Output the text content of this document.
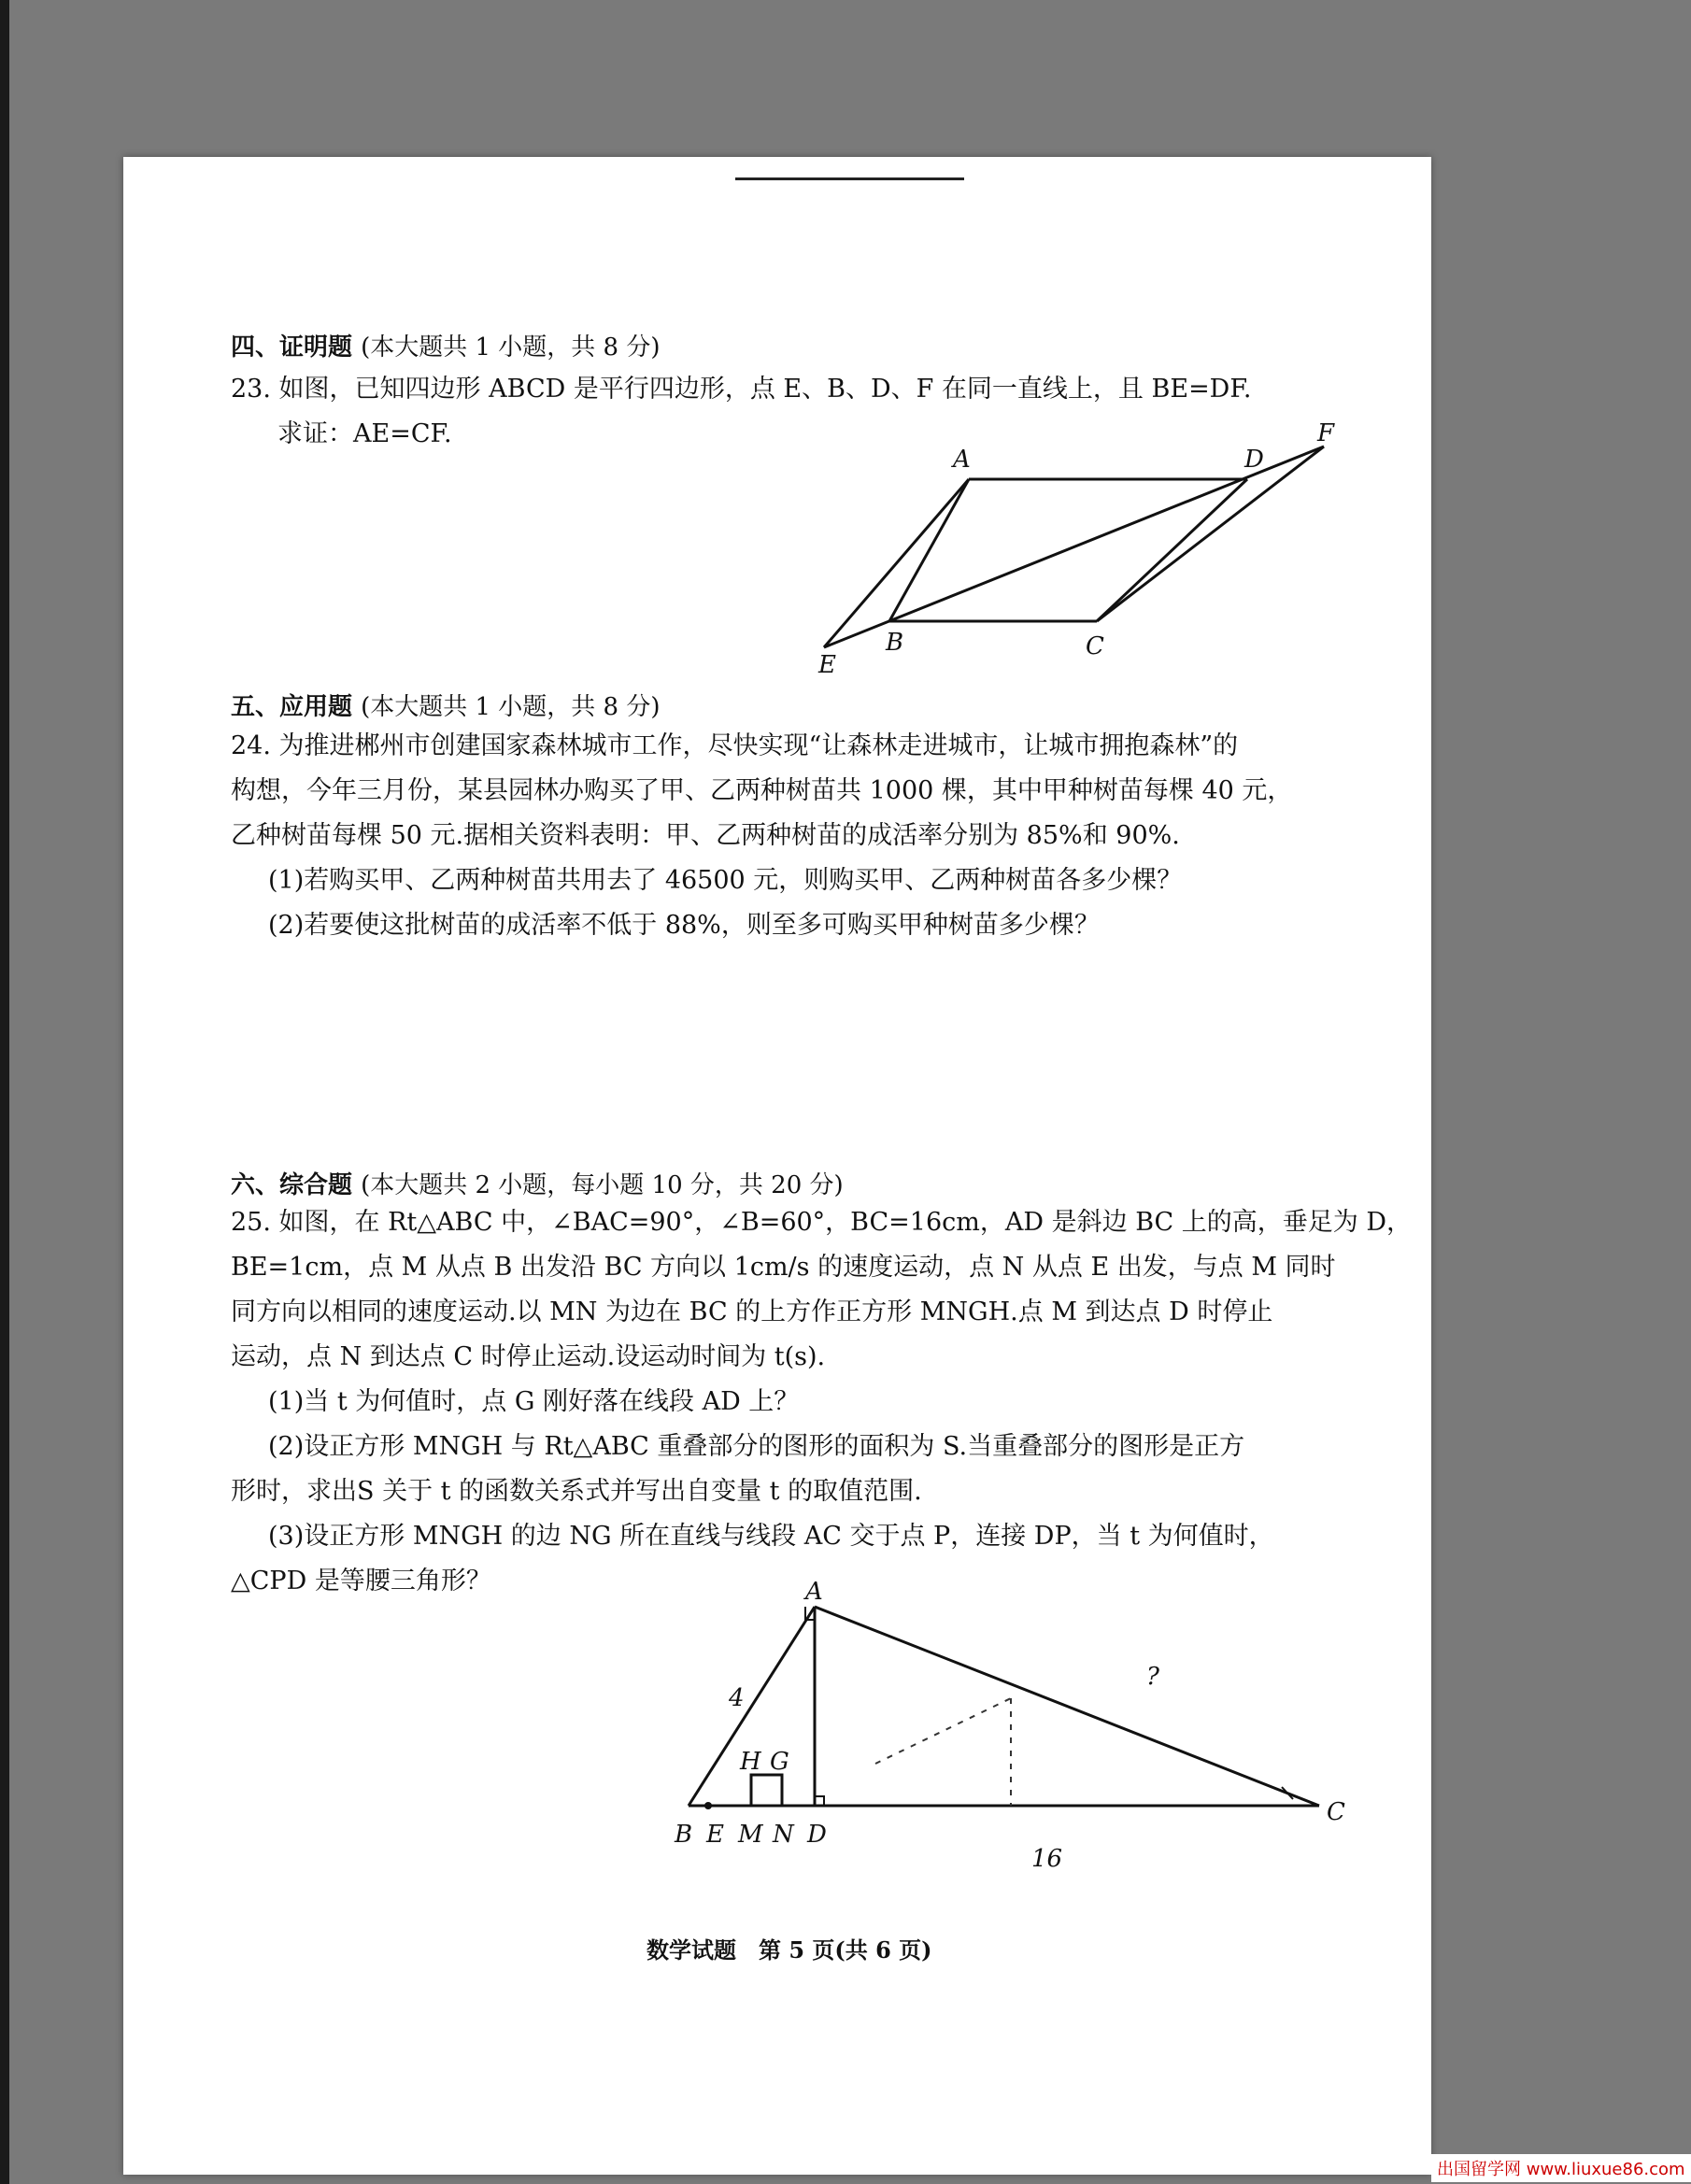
四、证明题 (本大题共 1 小题，共 8 分)
23. 如图，已知四边形 ABCD 是平行四边形，点 E、B、D、F 在同一直线上，且 BE=DF.
求证：AE=CF.
A
B	C
D
E
F
五、应用题 (本大题共 1 小题，共 8 分)
24. 为推进郴州市创建国家森林城市工作，尽快实现“让森林走进城市，让城市拥抱森林”的
构想，今年三月份，某县园林办购买了甲、乙两种树苗共 1000 棵，其中甲种树苗每棵 40 元，
乙种树苗每棵 50 元.据相关资料表明：甲、乙两种树苗的成活率分别为 85%和 90%.
(1)若购买甲、乙两种树苗共用去了 46500 元，则购买甲、乙两种树苗各多少棵？
(2)若要使这批树苗的成活率不低于 88%，则至多可购买甲种树苗多少棵？
六、综合题 (本大题共 2 小题，每小题 10 分，共 20 分)
25. 如图，在 Rt△ABC 中，∠BAC=90°，∠B=60°，BC=16cm，AD 是斜边 BC 上的高，垂足为 D，
BE=1cm，点 M 从点 B 出发沿 BC 方向以 1cm/s 的速度运动，点 N 从点 E 出发，与点 M 同时
同方向以相同的速度运动.以 MN 为边在 BC 的上方作正方形 MNGH.点 M 到达点 D 时停止
运动，点 N 到达点 C 时停止运动.设运动时间为 t(s).
(1)当 t 为何值时，点 G 刚好落在线段 AD 上？
(2)设正方形 MNGH 与 Rt△ABC 重叠部分的图形的面积为 S.当重叠部分的图形是正方
形时，求出S 关于 t 的函数关系式并写出自变量 t 的取值范围.
(3)设正方形 MNGH 的边 NG 所在直线与线段 AC 交于点 P，连接 DP，当 t 为何值时，
△CPD 是等腰三角形？	A
B
C
D
E M N
G
H
4
16
?
数学试题　第 5 页(共 6 页)
出国留学网 www.liuxue86.com
